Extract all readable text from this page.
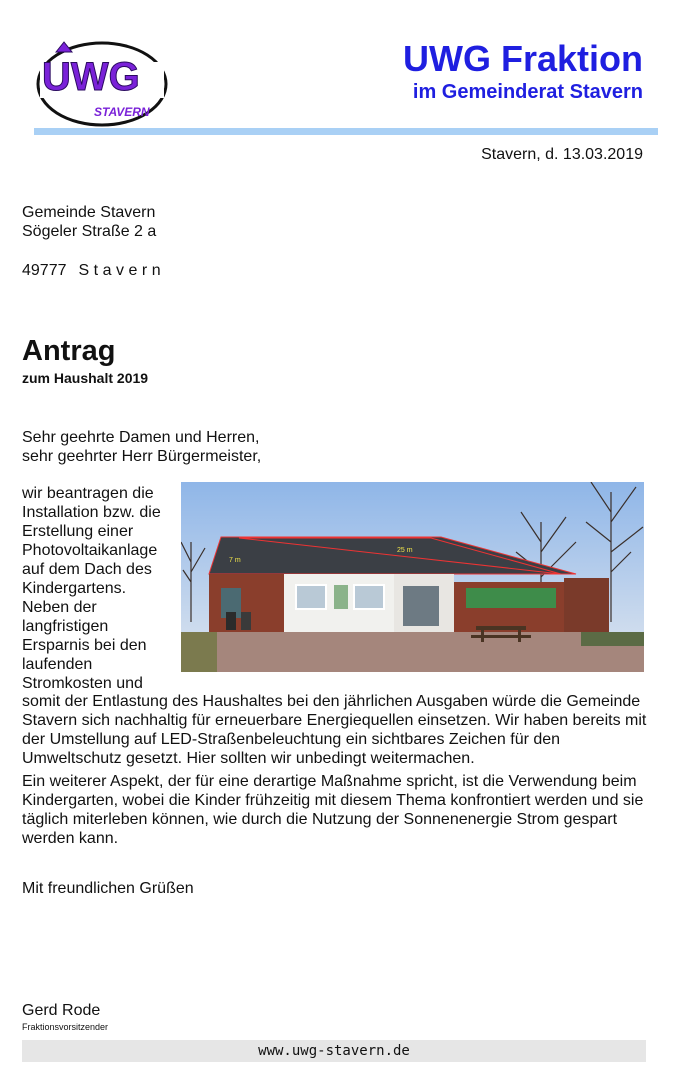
UWG
STAVERN
UWG Fraktion
im Gemeinderat Stavern
Stavern, d. 13.03.2019
Gemeinde Stavern
Sögeler Straße 2 a
49777 Stavern
Antrag
zum Haushalt 2019
Sehr geehrte Damen und Herren,
sehr geehrter Herr Bürgermeister,
wir beantragen die Installation bzw. die Erstellung einer Photovoltaikanlage auf dem Dach des Kindergartens. Neben der langfristigen Ersparnis bei den laufenden Stromkosten und
7 m
25 m
somit der Entlastung des Haushaltes bei den jährlichen Ausgaben würde die Gemeinde Stavern sich nachhaltig für erneuerbare Energiequellen einsetzen. Wir haben bereits mit der Umstellung auf LED-Straßenbeleuchtung ein sichtbares Zeichen für den Umweltschutz gesetzt. Hier sollten wir unbedingt weitermachen.
Ein weiterer Aspekt, der für eine derartige Maßnahme spricht, ist die Verwendung beim Kindergarten, wobei die Kinder frühzeitig mit diesem Thema konfrontiert werden und sie täglich miterleben können, wie durch die Nutzung der Sonnenenergie Strom gespart werden kann.
Mit freundlichen Grüßen
Gerd Rode
Fraktionsvorsitzender
www.uwg-stavern.de
